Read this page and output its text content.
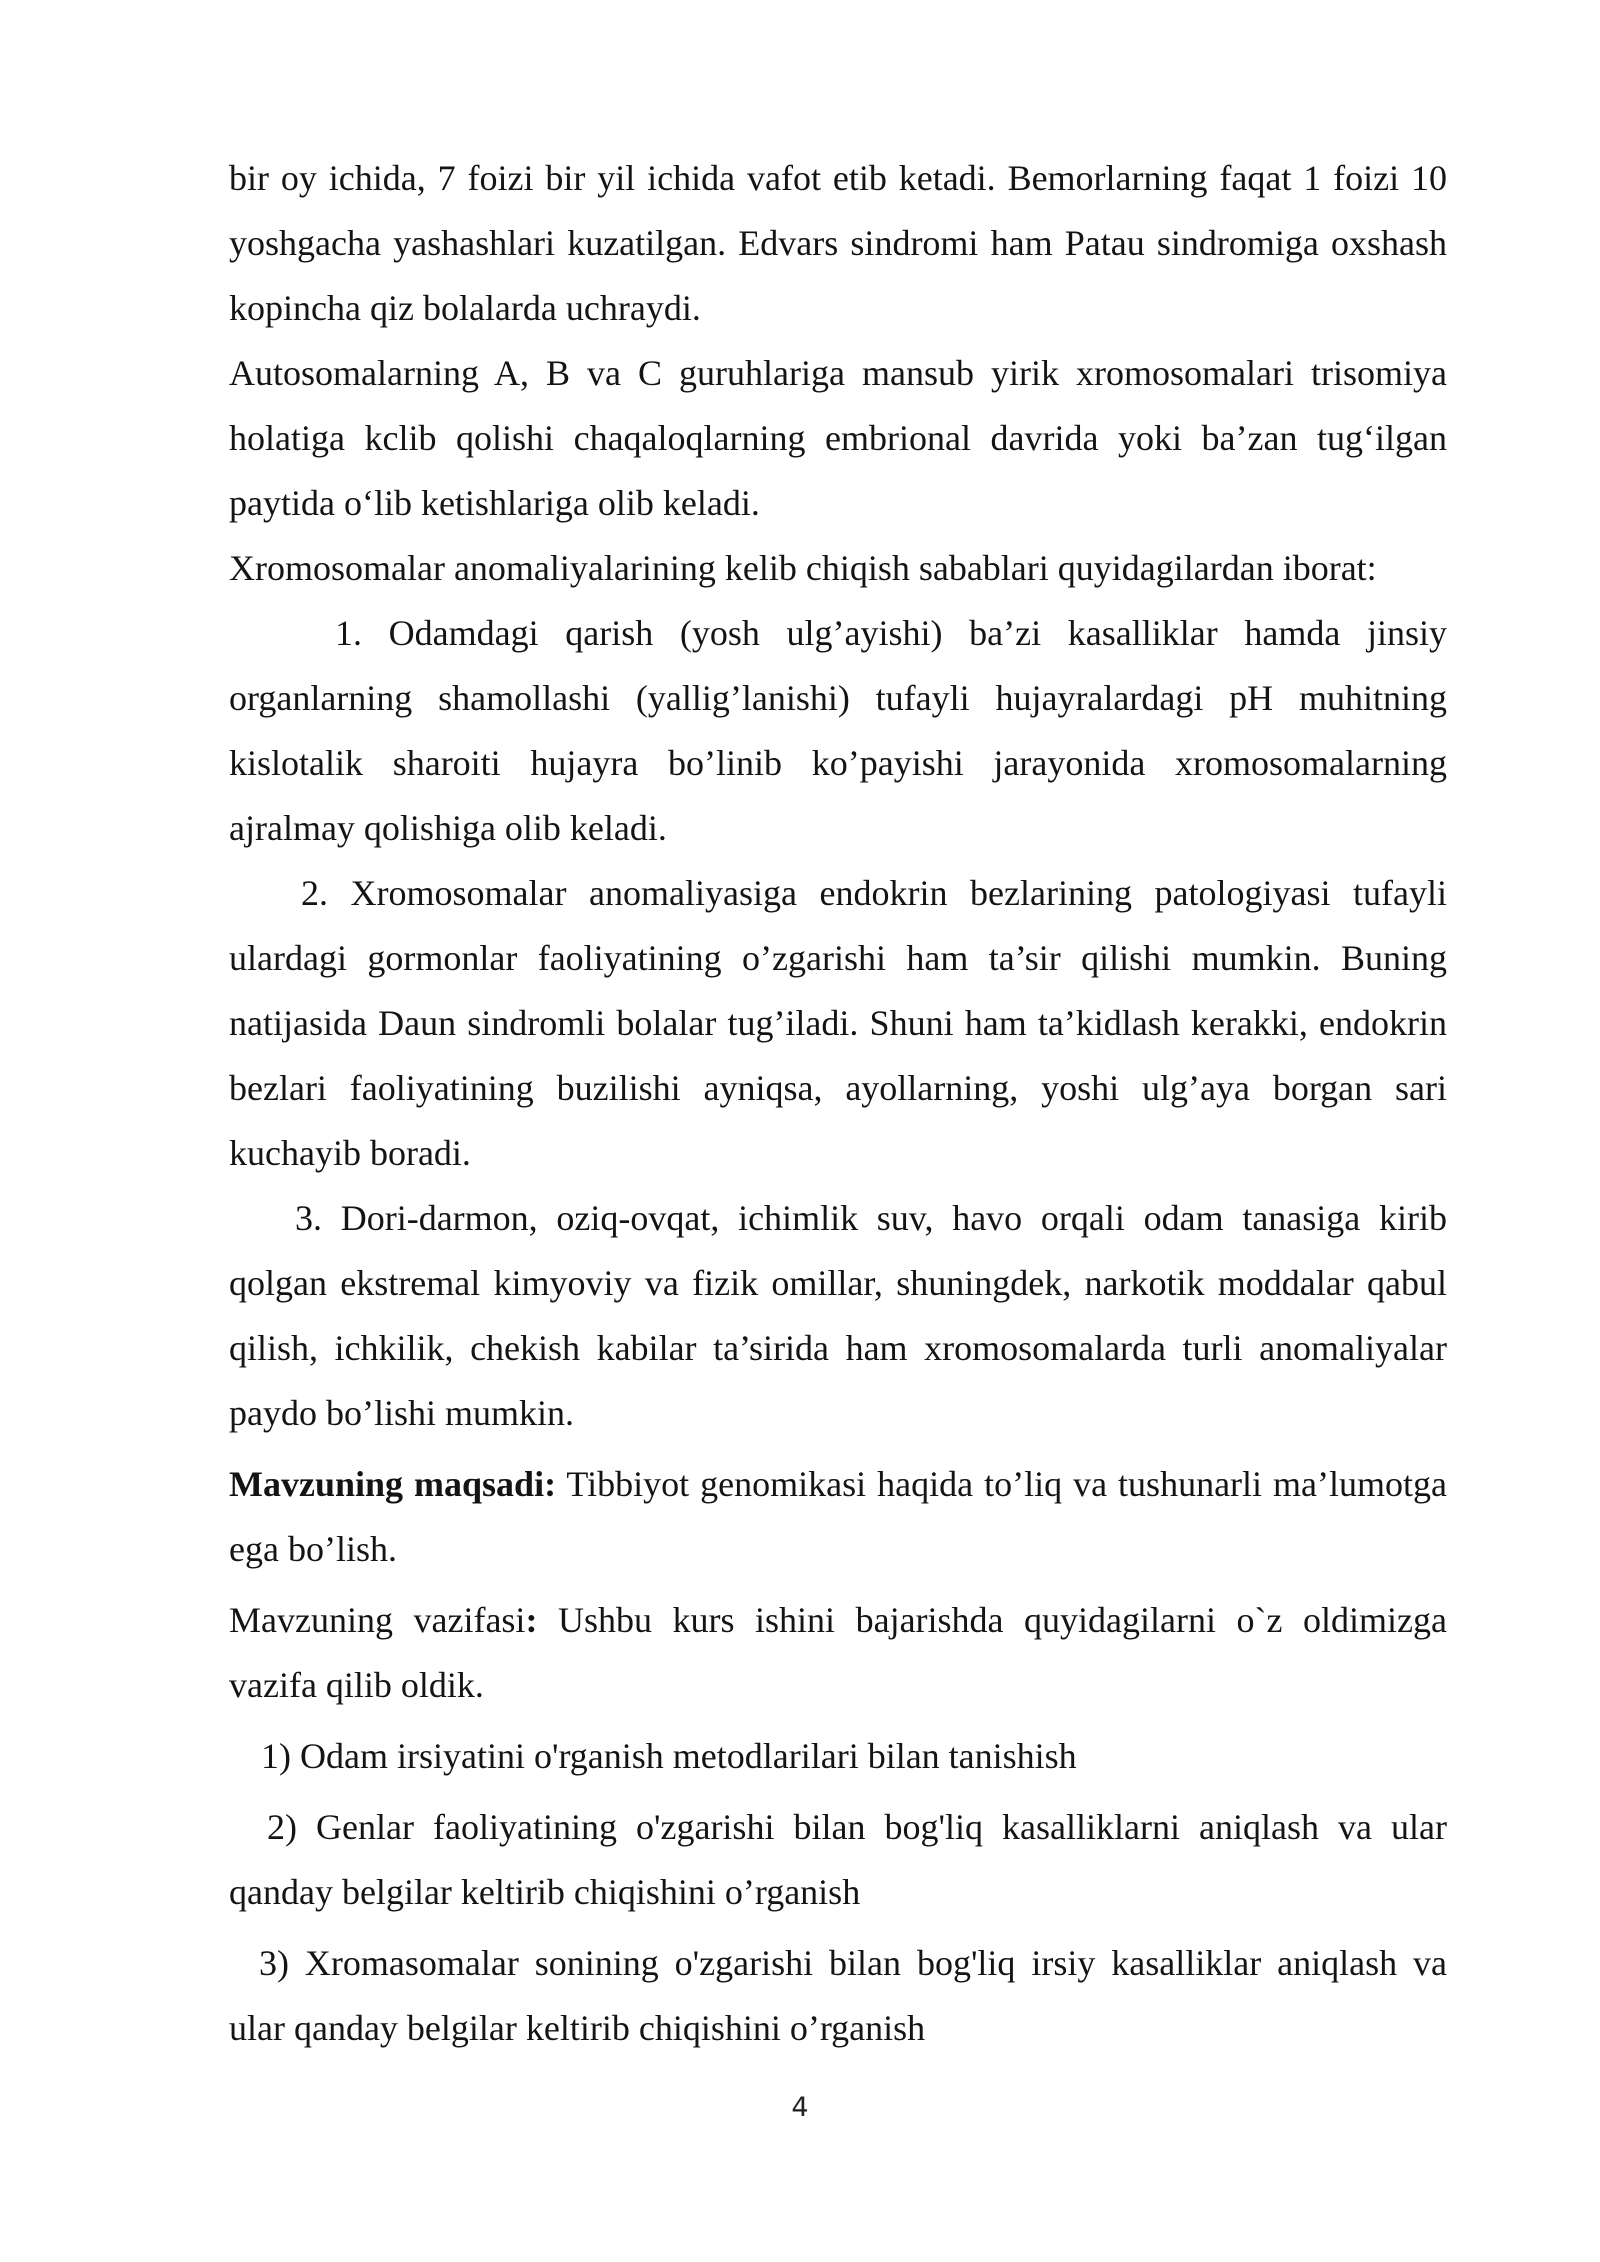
bir oy ichida, 7 foizi bir yil ichida vafot etib ketadi. Bemorlarning faqat 1 foizi 10 yoshgacha yashashlari kuzatilgan. Edvars sindromi ham Patau sindromiga oxshash kopincha qiz bolalarda uchraydi.

Autosomalarning A, B va C guruhlariga mansub yirik xromosomalari trisomiya holatiga kclib qolishi chaqaloqlarning embrional davrida yoki ba’zan tug‘ilgan paytida o‘lib ketishlariga olib keladi.

Xromosomalar anomaliyalarining kelib chiqish sabablari quyidagilardan iborat:

1. Odamdagi qarish (yosh ulg’ayishi) ba’zi kasalliklar hamda jinsiy organlarning shamollashi (yallig’lanishi) tufayli hujayralardagi pH muhitning kislotalik sharoiti hujayra bo’linib ko’payishi jarayonida xromosomalarning ajralmay qolishiga olib keladi.

2. Xromosomalar anomaliyasiga endokrin bezlarining patologiyasi tufayli ulardagi gormonlar faoliyatining o’zgarishi ham ta’sir qilishi mumkin. Buning natijasida Daun sindromli bolalar tug’iladi. Shuni ham ta’kidlash kerakki, endokrin bezlari faoliyatining buzilishi ayniqsa, ayollarning, yoshi ulg’aya borgan sari kuchayib boradi.

3. Dori-darmon, oziq-ovqat, ichimlik suv, havo orqali odam tanasiga kirib qolgan ekstremal kimyoviy va fizik omillar, shuningdek, narkotik moddalar qabul qilish, ichkilik, chekish kabilar ta’sirida ham xromosomalarda turli anomaliyalar paydo bo’lishi mumkin.

Mavzuning maqsadi: Tibbiyot genomikasi haqida to’liq va tushunarli ma’lumotga ega bo’lish.

Mavzuning vazifasi: Ushbu kurs ishini bajarishda quyidagilarni o`z oldimizga vazifa qilib oldik.

1) Odam irsiyatini o'rganish metodlarilari bilan tanishish

2) Genlar faoliyatining o'zgarishi bilan bog'liq kasalliklarni aniqlash va ular qanday belgilar keltirib chiqishini o’rganish

3) Xromasomalar sonining o'zgarishi bilan bog'liq irsiy kasalliklar aniqlash va ular qanday belgilar keltirib chiqishini o’rganish

4
